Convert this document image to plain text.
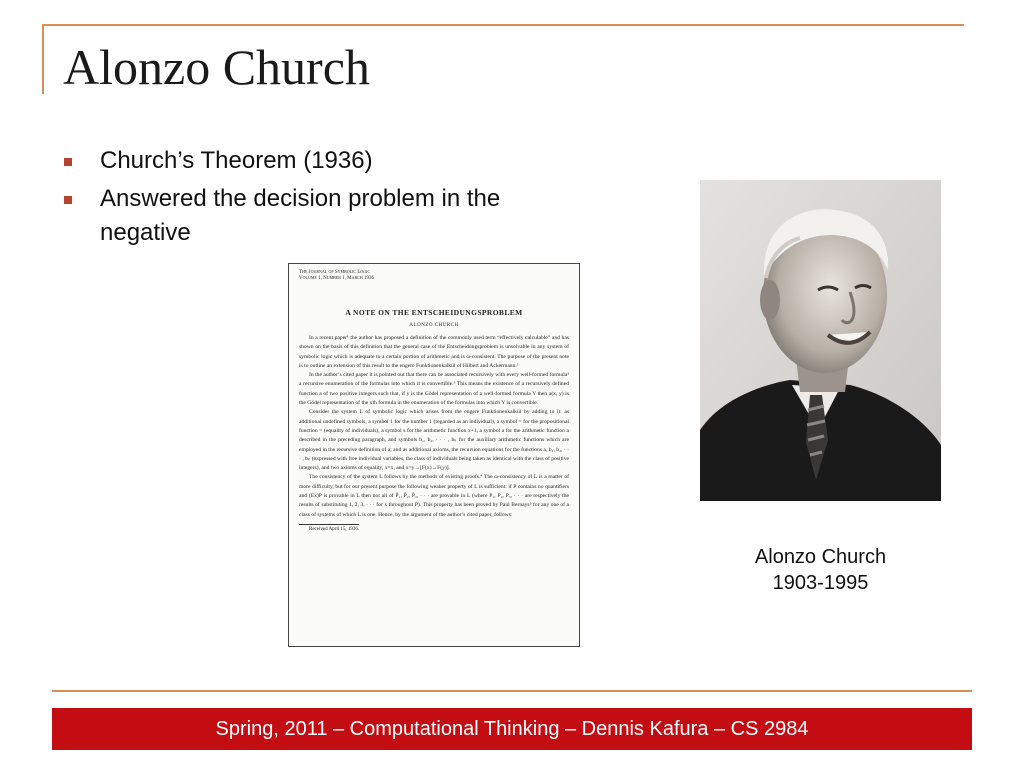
Alonzo Church
Church’s Theorem (1936)
Answered the decision problem in the negative
The Journal of Symbolic Logic
Volume 1, Number 1, March 1936
A NOTE ON THE ENTSCHEIDUNGSPROBLEM
ALONZO CHURCH

In a recent paper¹ the author has proposed a definition of the commonly used term “effectively calculable” and has shown on the basis of this definition that the general case of the Entscheidungsproblem is unsolvable in any system of symbolic logic which is adequate to a certain portion of arithmetic and is ω-consistent. The purpose of the present note is to outline an extension of this result to the engere Funktionenkalkül of Hilbert and Ackermann.²

In the author’s cited paper it is pointed out that there can be associated recursively with every well-formed formula³ a recursive enumeration of the formulas into which it is convertible.³ This means the existence of a recursively defined function a of two positive integers such that, if y is the Gödel representation of a well-formed formula Y then a(x, y) is the Gödel representation of the xth formula in the enumeration of the formulas into which Y is convertible.

Consider the system L of symbolic logic which arises from the engere Funktionenkalkül by adding to it: as additional undefined symbols, a symbol 1 for the number 1 (regarded as an individual), a symbol = for the propositional function = (equality of individuals), a symbol s for the arithmetic function x+1, a symbol a for the arithmetic function a described in the preceding paragraph, and symbols b₁, b₂, · · · , bₖ for the auxiliary arithmetic functions which are employed in the recursive definition of a; and as additional axioms, the recursion equations for the functions a, b₁, b₂, · · · , bₖ (expressed with free individual variables, the class of individuals being taken as identical with the class of positive integers), and two axioms of equality, x=x, and x=y→[F(x)→F(y)].

The consistency of the system L follows by the methods of existing proofs.⁴ The ω-consistency of L is a matter of more difficulty, but for our present purpose the following weaker property of L is sufficient: if P contains no quantifiers and (Ex)P is provable in L then not all of P̄₁, P̄₂, P̄₃, · · · are provable in L (where P₁, P₂, P₃, · · · are respectively the results of substituting 1, 2, 3, · · · for x throughout P). This property has been proved by Paul Bernays⁵ for any one of a class of systems of which L is one. Hence, by the argument of the author’s cited paper, follows:

Received April 15, 1936.
Alonzo Church
1903-1995
Spring, 2011 – Computational Thinking – Dennis Kafura – CS 2984
